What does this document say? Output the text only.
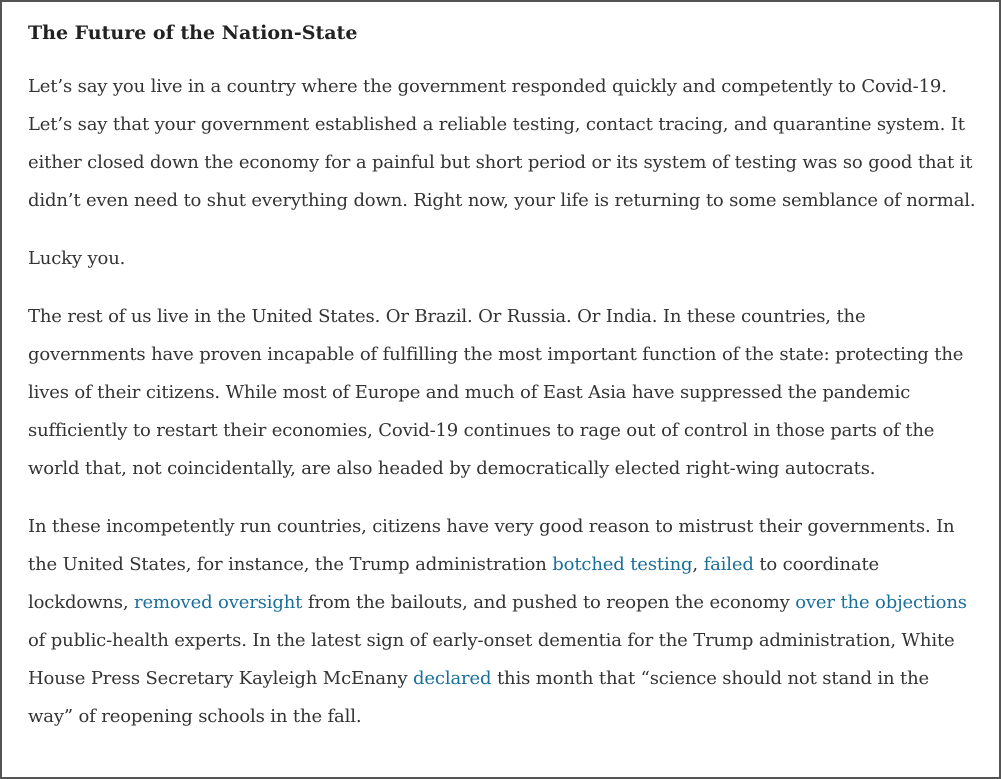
The Future of the Nation-State

Let’s say you live in a country where the government responded quickly and competently to Covid-19. Let’s say that your government established a reliable testing, contact tracing, and quarantine system. It either closed down the economy for a painful but short period or its system of testing was so good that it didn’t even need to shut everything down. Right now, your life is returning to some semblance of normal.

Lucky you.

The rest of us live in the United States. Or Brazil. Or Russia. Or India. In these countries, the governments have proven incapable of fulfilling the most important function of the state: protecting the lives of their citizens. While most of Europe and much of East Asia have suppressed the pandemic sufficiently to restart their economies, Covid-19 continues to rage out of control in those parts of the world that, not coincidentally, are also headed by democratically elected right-wing autocrats.

In these incompetently run countries, citizens have very good reason to mistrust their governments. In the United States, for instance, the Trump administration botched testing, failed to coordinate lockdowns, removed oversight from the bailouts, and pushed to reopen the economy over the objections of public-health experts. In the latest sign of early-onset dementia for the Trump administration, White House Press Secretary Kayleigh McEnany declared this month that “science should not stand in the way” of reopening schools in the fall.
